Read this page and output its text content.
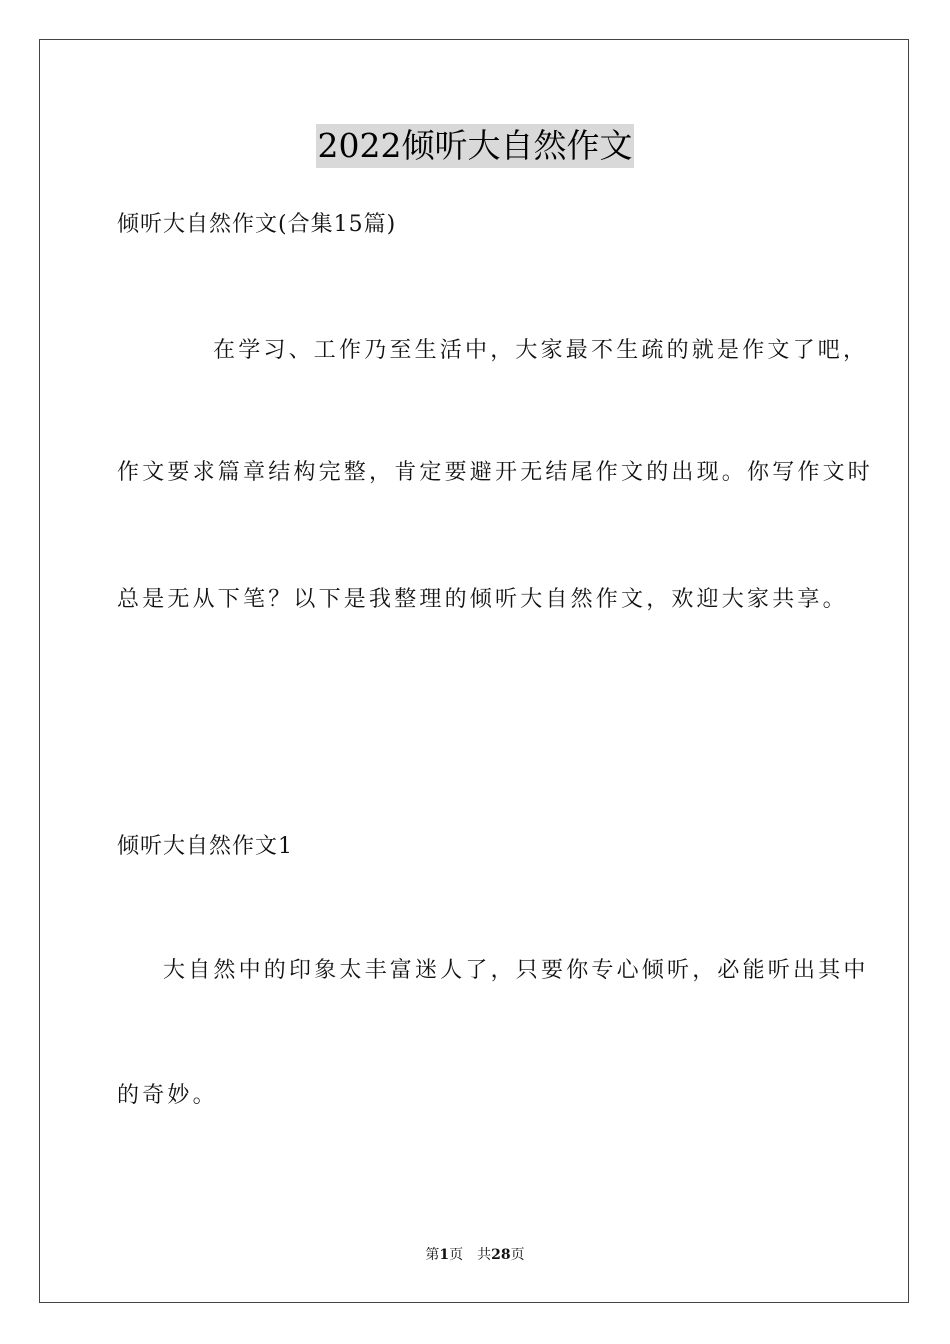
2022倾听大自然作文
倾听大自然作文(合集15篇)
在学习、工作乃至生活中，大家最不生疏的就是作文了吧，
作文要求篇章结构完整，肯定要避开无结尾作文的出现。你写作文时
总是无从下笔？以下是我整理的倾听大自然作文，欢迎大家共享。
倾听大自然作文1
大自然中的印象太丰富迷人了，只要你专心倾听，必能听出其中
的奇妙。
第1页 共28页
